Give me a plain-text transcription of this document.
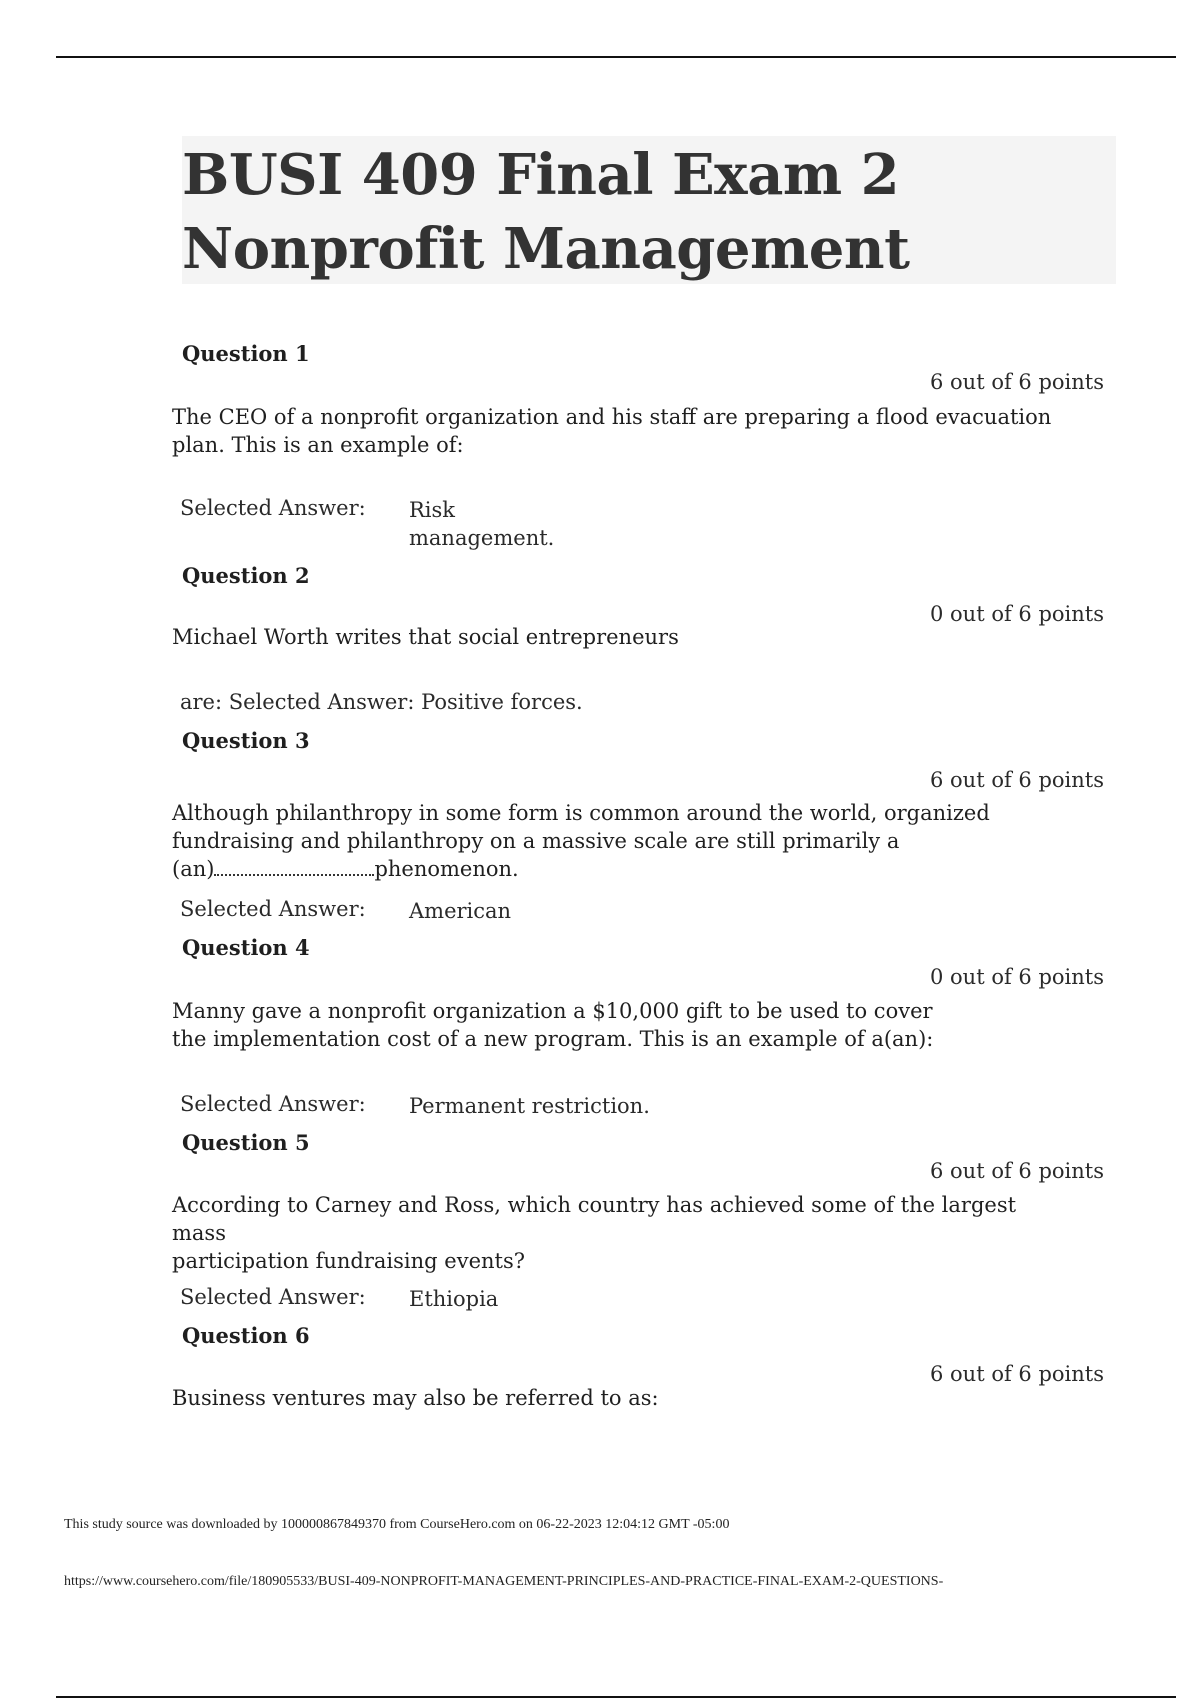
BUSI 409 Final Exam 2
Nonprofit Management
Question 1
6 out of 6 points
The CEO of a nonprofit organization and his staff are preparing a flood evacuation
plan. This is an example of:
Selected Answer: Risk
management.
Question 2
0 out of 6 points
Michael Worth writes that social entrepreneurs
are: Selected Answer: Positive forces.
Question 3
6 out of 6 points
Although philanthropy in some form is common around the world, organized
fundraising and philanthropy on a massive scale are still primarily a
(an)	phenomenon.
Selected Answer: American
Question 4
0 out of 6 points
Manny gave a nonprofit organization a $10,000 gift to be used to cover
the implementation cost of a new program. This is an example of a(an):
Selected Answer: Permanent restriction.
Question 5
6 out of 6 points
According to Carney and Ross, which country has achieved some of the largest mass
participation fundraising events?
Selected Answer: Ethiopia
Question 6
6 out of 6 points
Business ventures may also be referred to as:
This study source was downloaded by 100000867849370 from CourseHero.com on 06-22-2023 12:04:12 GMT -05:00
https://www.coursehero.com/file/180905533/BUSI-409-NONPROFIT-MANAGEMENT-PRINCIPLES-AND-PRACTICE-FINAL-EXAM-2-QUESTIONS-
